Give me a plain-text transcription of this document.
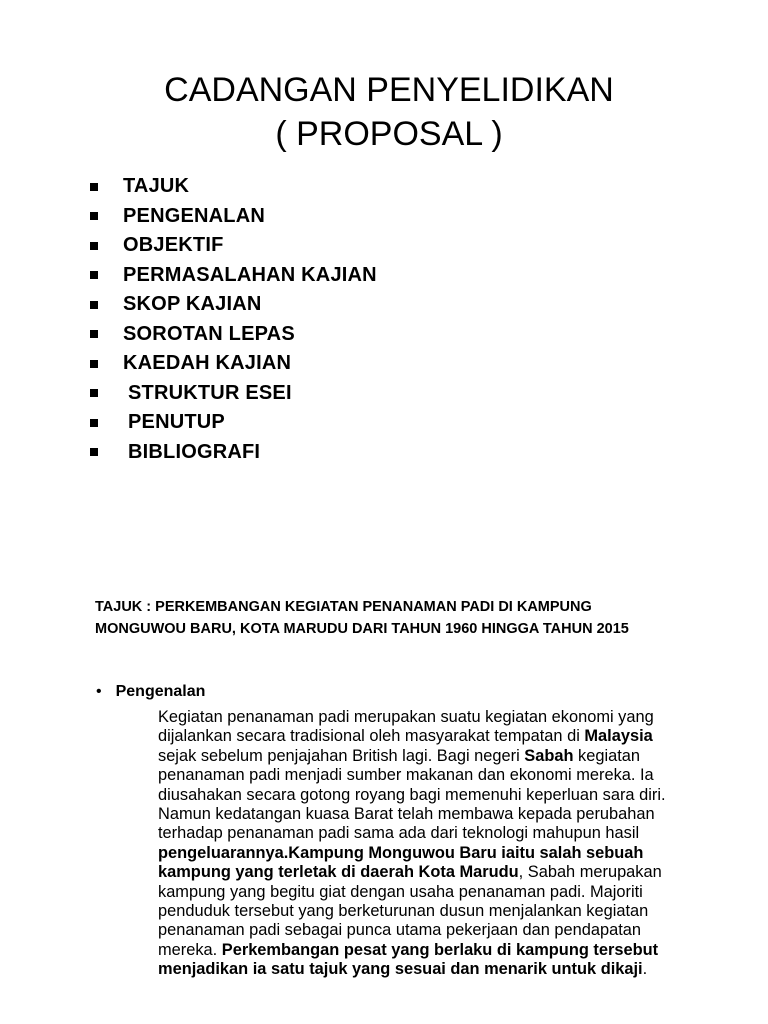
CADANGAN PENYELIDIKAN
( PROPOSAL )
TAJUK
PENGENALAN
OBJEKTIF
PERMASALAHAN KAJIAN
SKOP KAJIAN
SOROTAN LEPAS
KAEDAH KAJIAN
STRUKTUR ESEI
PENUTUP
BIBLIOGRAFI
TAJUK : PERKEMBANGAN KEGIATAN PENANAMAN PADI DI KAMPUNG MONGUWOU BARU, KOTA MARUDU DARI TAHUN 1960 HINGGA TAHUN 2015
• Pengenalan
Kegiatan penanaman padi merupakan suatu kegiatan ekonomi yang dijalankan secara tradisional oleh masyarakat tempatan di Malaysia sejak sebelum penjajahan British lagi. Bagi negeri Sabah kegiatan penanaman padi menjadi sumber makanan dan ekonomi mereka. Ia diusahakan secara gotong royang bagi memenuhi keperluan sara diri. Namun kedatangan kuasa Barat telah membawa kepada perubahan terhadap penanaman padi sama ada dari teknologi mahupun hasil pengeluarannya.Kampung Monguwou Baru iaitu salah sebuah kampung yang terletak di daerah Kota Marudu, Sabah merupakan kampung yang begitu giat dengan usaha penanaman padi. Majoriti penduduk tersebut yang berketurunan dusun menjalankan kegiatan penanaman padi sebagai punca utama pekerjaan dan pendapatan mereka. Perkembangan pesat yang berlaku di kampung tersebut menjadikan ia satu tajuk yang sesuai dan menarik untuk dikaji.
